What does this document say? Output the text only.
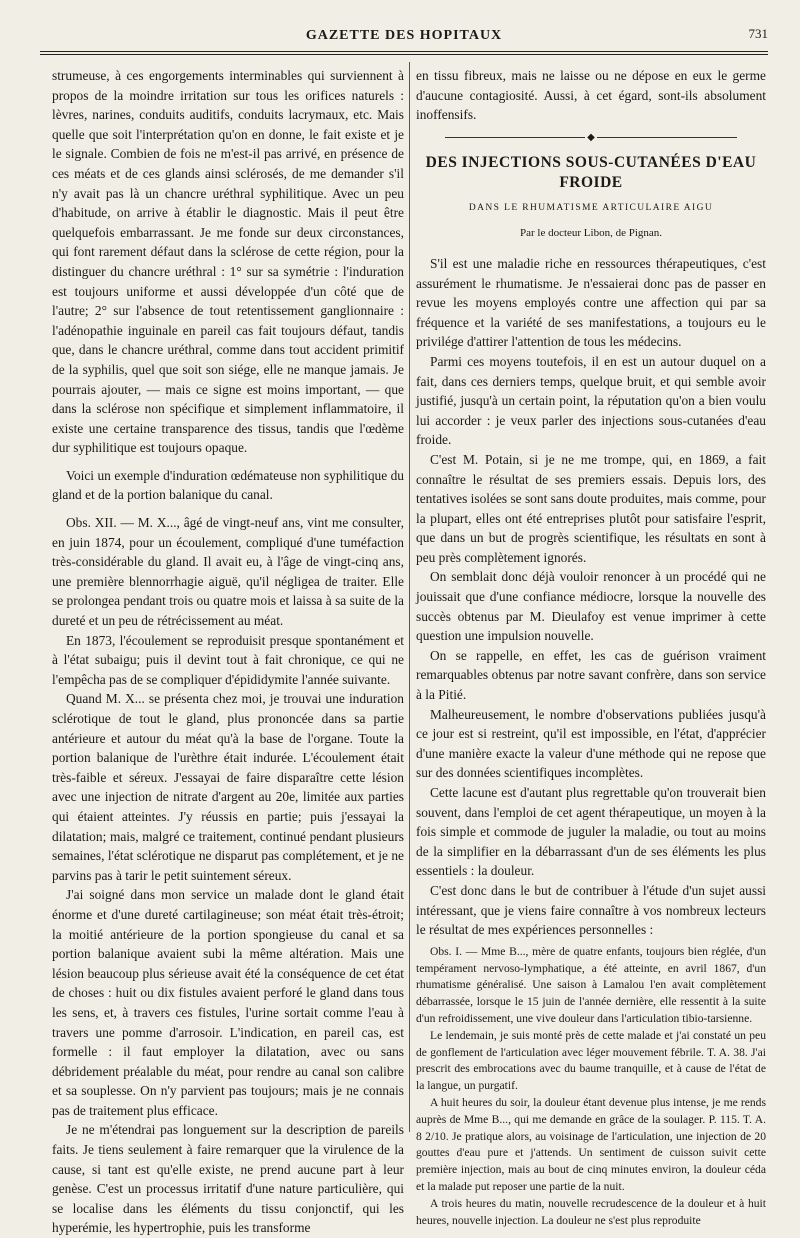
GAZETTE DES HOPITAUX	731

strumeuse, à ces engorgements interminables qui surviennent à propos de la moindre irritation sur tous les orifices naturels : lèvres, narines, conduits auditifs, conduits lacrymaux, etc. Mais quelle que soit l'interprétation qu'on en donne, le fait existe et je le signale. Combien de fois ne m'est-il pas arrivé, en présence de ces méats et de ces glands ainsi sclérosés, de me demander s'il n'y avait pas là un chancre uréthral syphilitique. Avec un peu d'habitude, on arrive à établir le diagnostic. Mais il peut être quelquefois embarrassant. Je me fonde sur deux circonstances, qui font rarement défaut dans la sclérose de cette région, pour la distinguer du chancre uréthral : 1° sur sa symétrie : l'induration est toujours uniforme et aussi développée d'un côté que de l'autre; 2° sur l'absence de tout retentissement ganglionnaire : l'adénopathie inguinale en pareil cas fait toujours défaut, tandis que, dans le chancre uréthral, comme dans tout accident primitif de la syphilis, quel que soit son siége, elle ne manque jamais. Je pourrais ajouter, — mais ce signe est moins important, — que dans la sclérose non spécifique et simplement inflammatoire, il existe une certaine transparence des tissus, tandis que l'œdème dur syphilitique est toujours opaque.

Voici un exemple d'induration œdémateuse non syphilitique du gland et de la portion balanique du canal.

Obs. XII. — M. X..., âgé de vingt-neuf ans, vint me consulter, en juin 1874, pour un écoulement, compliqué d'une tuméfaction très-considérable du gland. Il avait eu, à l'âge de vingt-cinq ans, une première blennorrhagie aiguë, qu'il négligea de traiter. Elle se prolongea pendant trois ou quatre mois et laissa à sa suite de la dureté et un peu de rétrécissement au méat.

En 1873, l'écoulement se reproduisit presque spontanément et à l'état subaigu; puis il devint tout à fait chronique, ce qui ne l'empêcha pas de se compliquer d'épididymite l'année suivante.

Quand M. X... se présenta chez moi, je trouvai une induration sclérotique de tout le gland, plus prononcée dans sa partie antérieure et autour du méat qu'à la base de l'organe. Toute la portion balanique de l'urèthre était indurée. L'écoulement était très-faible et séreux. J'essayai de faire disparaître cette lésion avec une injection de nitrate d'argent au 20e, limitée aux parties qui étaient atteintes. J'y réussis en partie; puis j'essayai la dilatation; mais, malgré ce traitement, continué pendant plusieurs semaines, l'état sclérotique ne disparut pas complétement, et je ne parvins pas à tarir le petit suintement séreux.

J'ai soigné dans mon service un malade dont le gland était énorme et d'une dureté cartilagineuse; son méat était très-étroit; la moitié antérieure de la portion spongieuse du canal et sa portion balanique avaient subi la même altération. Mais une lésion beaucoup plus sérieuse avait été la conséquence de cet état de choses : huit ou dix fistules avaient perforé le gland dans tous les sens, et, à travers ces fistules, l'urine sortait comme l'eau à travers une pomme d'arrosoir. L'indication, en pareil cas, est formelle : il faut employer la dilatation, avec ou sans débridement préalable du méat, pour rendre au canal son calibre et sa souplesse. On n'y parvient pas toujours; mais je ne connais pas de traitement plus efficace.

Je ne m'étendrai pas longuement sur la description de pareils faits. Je tiens seulement à faire remarquer que la virulence de la cause, si tant est qu'elle existe, ne prend aucune part à leur genèse. C'est un processus irritatif d'une nature particulière, qui se localise dans les éléments du tissu conjonctif, qui les hyperémie, les hypertrophie, puis les transforme

en tissu fibreux, mais ne laisse ou ne dépose en eux le germe d'aucune contagiosité. Aussi, à cet égard, sont-ils absolument inoffensifs.

◆
DES INJECTIONS SOUS-CUTANÉES D'EAU FROIDE
DANS LE RHUMATISME ARTICULAIRE AIGU
Par le docteur Libon, de Pignan.

S'il est une maladie riche en ressources thérapeutiques, c'est assurément le rhumatisme. Je n'essaierai donc pas de passer en revue les moyens employés contre une affection qui par sa fréquence et la variété de ses manifestations, a toujours eu le privilége d'attirer l'attention de tous les médecins.

Parmi ces moyens toutefois, il en est un autour duquel on a fait, dans ces derniers temps, quelque bruit, et qui semble avoir justifié, jusqu'à un certain point, la réputation qu'on a bien voulu lui accorder : je veux parler des injections sous-cutanées d'eau froide.

C'est M. Potain, si je ne me trompe, qui, en 1869, a fait connaître le résultat de ses premiers essais. Depuis lors, des tentatives isolées se sont sans doute produites, mais comme, pour la plupart, elles ont été entreprises plutôt pour satisfaire l'esprit, que dans un but de progrès scientifique, les résultats en sont à peu près complètement ignorés.

On semblait donc déjà vouloir renoncer à un procédé qui ne jouissait que d'une confiance médiocre, lorsque la nouvelle des succès obtenus par M. Dieulafoy est venue imprimer à cette question une impulsion nouvelle.

On se rappelle, en effet, les cas de guérison vraiment remarquables obtenus par notre savant confrère, dans son service à la Pitié.

Malheureusement, le nombre d'observations publiées jusqu'à ce jour est si restreint, qu'il est impossible, en l'état, d'apprécier d'une manière exacte la valeur d'une méthode qui ne repose que sur des données scientifiques incomplètes.

Cette lacune est d'autant plus regrettable qu'on trouverait bien souvent, dans l'emploi de cet agent thérapeutique, un moyen à la fois simple et commode de juguler la maladie, ou tout au moins de la simplifier en la débarrassant d'un de ses éléments les plus essentiels : la douleur.

C'est donc dans le but de contribuer à l'étude d'un sujet aussi intéressant, que je viens faire connaître à vos nombreux lecteurs le résultat de mes expériences personnelles :

Obs. I. — Mme B..., mère de quatre enfants, toujours bien réglée, d'un tempérament nervoso-lymphatique, a été atteinte, en avril 1867, d'un rhumatisme généralisé. Une saison à Lamalou l'en avait complètement débarrassée, lorsque le 15 juin de l'année dernière, elle ressentit à la suite d'un refroidissement, une vive douleur dans l'articulation tibio-tarsienne.

Le lendemain, je suis monté près de cette malade et j'ai constaté un peu de gonflement de l'articulation avec léger mouvement fébrile. T. A. 38. J'ai prescrit des embrocations avec du baume tranquille, et à cause de l'état de la langue, un purgatif.

A huit heures du soir, la douleur étant devenue plus intense, je me rends auprès de Mme B..., qui me demande en grâce de la soulager. P. 115. T. A. 8 2/10. Je pratique alors, au voisinage de l'articulation, une injection de 20 gouttes d'eau pure et j'attends. Un sentiment de cuisson suivit cette première injection, mais au bout de cinq minutes environ, la douleur céda et la malade put reposer une partie de la nuit.

A trois heures du matin, nouvelle recrudescence de la douleur et à huit heures, nouvelle injection. La douleur ne s'est plus reproduite
